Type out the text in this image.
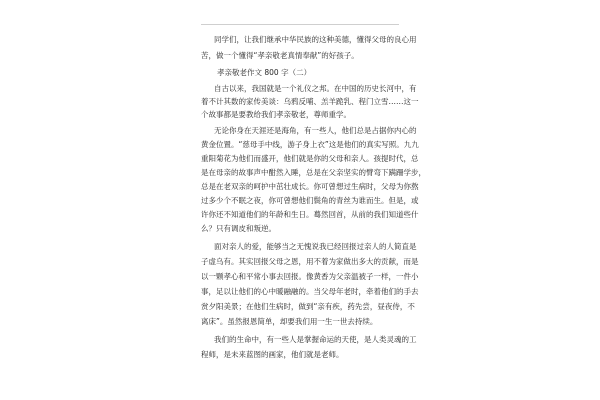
同学们，让我们继承中华民族的这种美德，懂得父母的良心用
苦，做一个懂得“孝亲敬老真情奉献”的好孩子。
孝亲敬老作文 800 字（二）
自古以来，我国就是一个礼仪之邦。在中国的历史长河中，有
着不计其数的家传美谈：乌鸦反哺、羔羊跪乳、程门立雪……这一
个故事都是要教给我们孝亲敬老，尊师重学。
无论你身在天涯还是海角，有一些人，他们总是占据你内心的
黄金位置。“慈母手中线，游子身上衣”这是他们的真实写照。九九
重阳菊花为他们而盛开，他们就是你的父母和亲人。孩提时代，总
是在母亲的故事声中酣然入睡，总是在父亲坚实的臂弯下蹒跚学步，
总是在老双亲的呵护中茁壮成长。你可曾想过生病时，父母为你熬
过多少个不眠之夜，你可曾想他们鬓角的青丝为谁而生。但是，或
许你还不知道他们的年龄和生日。蓦然回首，从前的我们知道些什
么？只有调皮和叛逆。
面对亲人的爱，能够当之无愧说我已经回报过亲人的人简直是
子虚乌有。其实回报父母之恩，用不着为家做出多大的贡献，而是
以一颗孝心和平常小事去回报。像黄香为父亲温被子一样，一件小
事，足以让他们的心中暖融融的。当父母年老时，牵着他们的手去
赏夕阳美景；在他们生病时，做到“亲有疾，药先尝，昼夜侍，不
离床”。虽然报恩简单，却要我们用一生一世去持续。
我们的生命中，有一些人是掌握命运的天使，是人类灵魂的工
程师，是未来蓝图的画家，他们就是老师。
